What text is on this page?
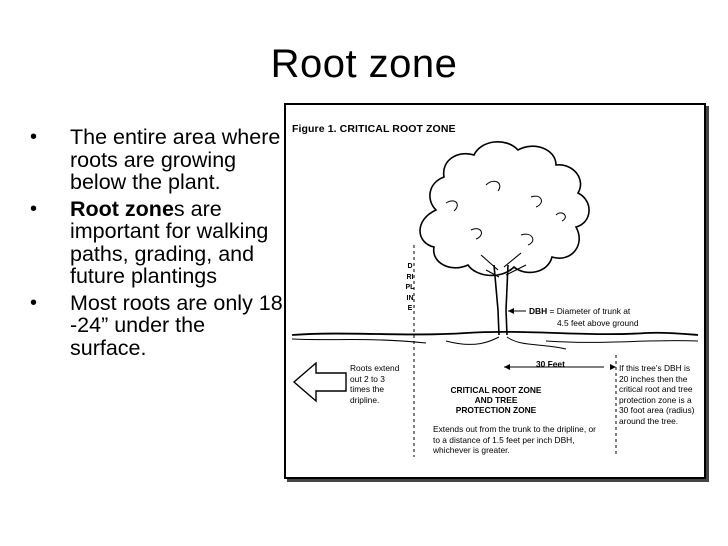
Root zone
•	The entire area where roots are growing below the plant.
•	Root zones are important for walking paths, grading, and future plantings
•	Most roots are only 18 -24” under the surface.
Figure 1. CRITICAL ROOT ZONE
DRIPLINE	DBH = Diameter of trunk at
4.5 feet above ground
30 Feet
Roots extend out 2 to 3 times the dripline.
CRITICAL ROOT ZONE
AND TREE
PROTECTION ZONE
Extends out from the trunk to the dripline, or to a distance of 1.5 feet per inch DBH, whichever is greater.
If this tree’s DBH is 20 inches then the critical root and tree protection zone is a 30 foot area (radius) around the tree.
